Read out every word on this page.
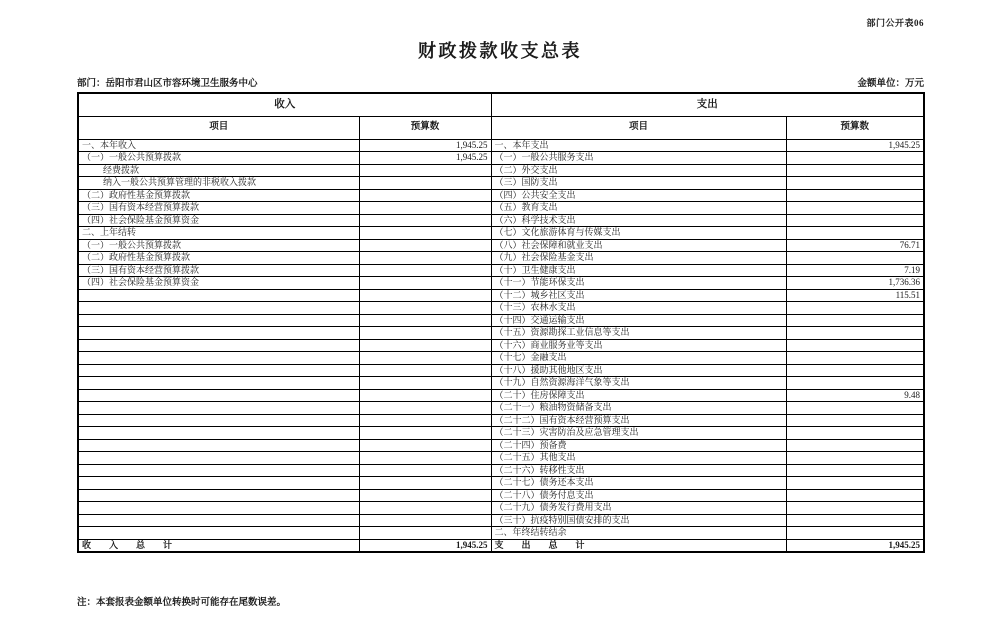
部门公开表06
财政拨款收支总表
部门：岳阳市君山区市容环境卫生服务中心	金额单位：万元
收入		支出	
项目	预算数	项目	预算数
一、本年收入	1,945.25	一、本年支出	1,945.25
（一）一般公共预算拨款	1,945.25	（一）一般公共服务支出	
经费拨款		（二）外交支出	
纳入一般公共预算管理的非税收入拨款		（三）国防支出	
（二）政府性基金预算拨款		（四）公共安全支出	
（三）国有资本经营预算拨款		（五）教育支出	
（四）社会保险基金预算资金		（六）科学技术支出	
二、上年结转		（七）文化旅游体育与传媒支出	
（一）一般公共预算拨款		（八）社会保障和就业支出	76.71
（二）政府性基金预算拨款		（九）社会保险基金支出	
（三）国有资本经营预算拨款		（十）卫生健康支出	7.19
（四）社会保险基金预算资金		（十一）节能环保支出	1,736.36
		（十二）城乡社区支出	115.51
		（十三）农林水支出	
		（十四）交通运输支出	
		（十五）资源勘探工业信息等支出	
		（十六）商业服务业等支出	
		（十七）金融支出	
		（十八）援助其他地区支出	
		（十九）自然资源海洋气象等支出	
		（二十）住房保障支出	9.48
		（二十一）粮油物资储备支出	
		（二十二）国有资本经营预算支出	
		（二十三）灾害防治及应急管理支出	
		（二十四）预备费	
		（二十五）其他支出	
		（二十六）转移性支出	
		（二十七）债务还本支出	
		（二十八）债务付息支出	
		（二十九）债务发行费用支出	
		（三十）抗疫特别国债安排的支出	
		二、年终结转结余	
收　　入　　总　　计	1,945.25	支　　出　　总　　计	1,945.25
注：本套报表金额单位转换时可能存在尾数误差。
